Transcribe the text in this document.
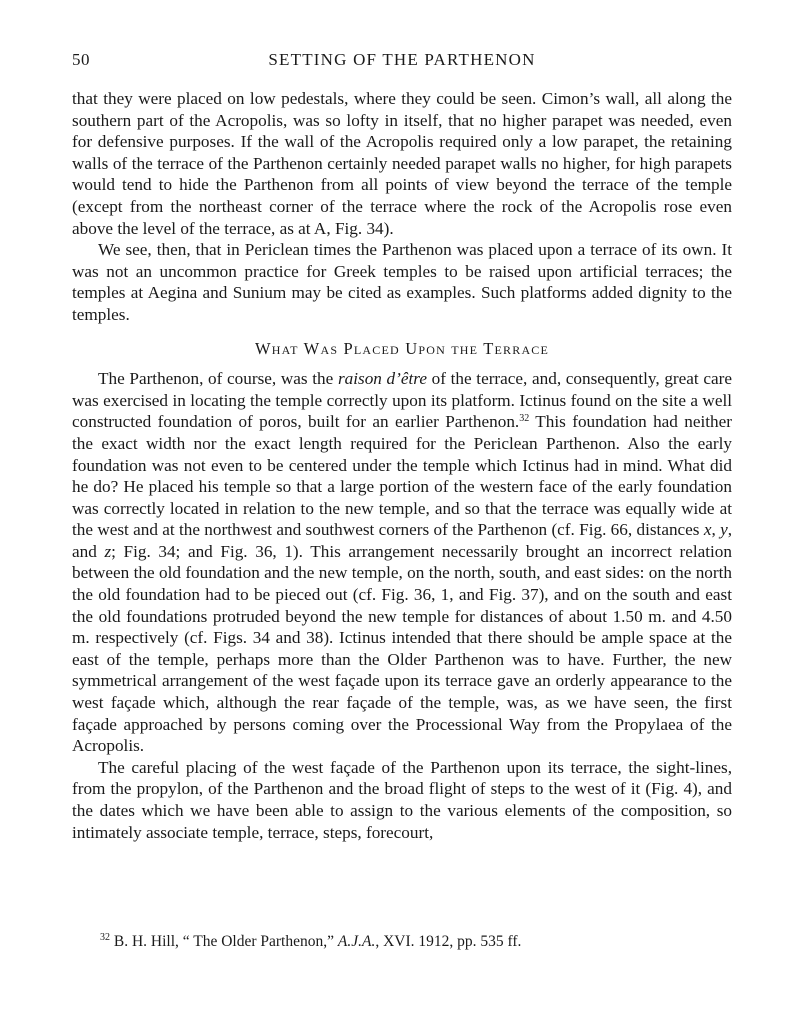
50	SETTING OF THE PARTHENON

that they were placed on low pedestals, where they could be seen. Cimon’s wall, all along the southern part of the Acropolis, was so lofty in itself, that no higher parapet was needed, even for defensive purposes. If the wall of the Acropolis required only a low parapet, the retaining walls of the terrace of the Parthenon certainly needed parapet walls no higher, for high parapets would tend to hide the Parthenon from all points of view beyond the terrace of the temple (except from the northeast corner of the terrace where the rock of the Acropolis rose even above the level of the terrace, as at A, Fig. 34).

We see, then, that in Periclean times the Parthenon was placed upon a terrace of its own. It was not an uncommon practice for Greek temples to be raised upon artificial terraces; the temples at Aegina and Sunium may be cited as examples. Such platforms added dignity to the temples.

What Was Placed Upon the Terrace

The Parthenon, of course, was the raison d’être of the terrace, and, consequently, great care was exercised in locating the temple correctly upon its platform. Ictinus found on the site a well constructed foundation of poros, built for an earlier Parthenon.$^{32}$ This foundation had neither the exact width nor the exact length required for the Periclean Parthenon. Also the early foundation was not even to be centered under the temple which Ictinus had in mind. What did he do? He placed his temple so that a large portion of the western face of the early foundation was correctly located in relation to the new temple, and so that the terrace was equally wide at the west and at the northwest and southwest corners of the Parthenon (cf. Fig. 66, distances x, y, and z; Fig. 34; and Fig. 36, 1). This arrangement necessarily brought an incorrect relation between the old foundation and the new temple, on the north, south, and east sides: on the north the old foundation had to be pieced out (cf. Fig. 36, 1, and Fig. 37), and on the south and east the old foundations protruded beyond the new temple for distances of about 1.50 m. and 4.50 m. respectively (cf. Figs. 34 and 38). Ictinus intended that there should be ample space at the east of the temple, perhaps more than the Older Parthenon was to have. Further, the new symmetrical arrangement of the west façade upon its terrace gave an orderly appearance to the west façade which, although the rear façade of the temple, was, as we have seen, the first façade approached by persons coming over the Processional Way from the Propylaea of the Acropolis.

The careful placing of the west façade of the Parthenon upon its terrace, the sight-lines, from the propylon, of the Parthenon and the broad flight of steps to the west of it (Fig. 4), and the dates which we have been able to assign to the various elements of the composition, so intimately associate temple, terrace, steps, forecourt,

$^{32}$ B. H. Hill, “ The Older Parthenon,” A.J.A., XVI. 1912, pp. 535 ff.
